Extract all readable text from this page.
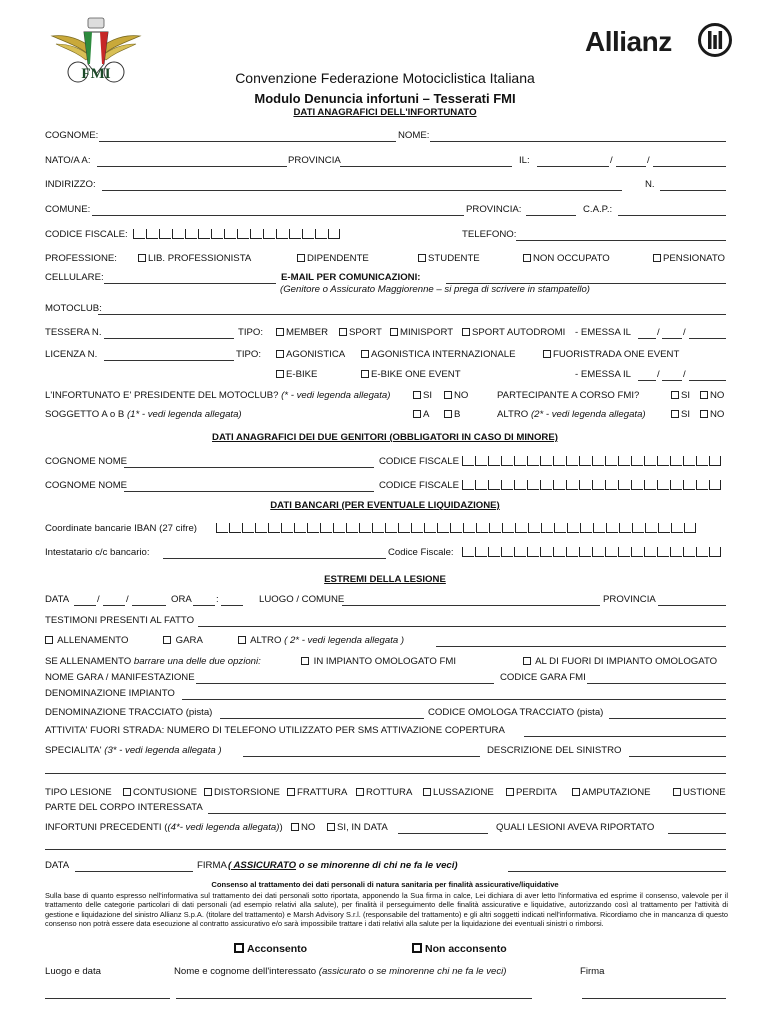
FMI
Allianz
Convenzione Federazione Motociclistica Italiana
Modulo Denuncia infortuni – Tesserati FMI
DATI ANAGRAFICI DELL'INFORTUNATO
COGNOME:	NOME:
NATO/A A:	PROVINCIA	IL:	/	/
INDIRIZZO:	N.
COMUNE:	PROVINCIA:	C.A.P.:
CODICE FISCALE:	TELEFONO:
PROFESSIONE:	LIB. PROFESSIONISTA	DIPENDENTE	STUDENTE	NON OCCUPATO	PENSIONATO
CELLULARE:	E-MAIL PER COMUNICAZIONI:
(Genitore o Assicurato Maggiorenne – si prega di scrivere in stampatello)
MOTOCLUB:
TESSERA N.	TIPO:	MEMBER	SPORT	MINISPORT	SPORT AUTODROMI - EMESSA IL	/ /
LICENZA N.	TIPO:	AGONISTICA	AGONISTICA INTERNAZIONALE	FUORISTRADA ONE EVENT
E-BIKE	E-BIKE ONE EVENT	- EMESSA IL	/ /
L'INFORTUNATO E' PRESIDENTE DEL MOTOCLUB? (* - vedi legenda allegata)	SI	NO	PARTECIPANTE A CORSO FMI?	SI	NO
SOGGETTO A o B (1* - vedi legenda allegata)	A	B	ALTRO (2* - vedi legenda allegata)	SI	NO
DATI ANAGRAFICI DEI DUE GENITORI (OBBLIGATORI IN CASO DI MINORE)
COGNOME NOME	CODICE FISCALE
COGNOME NOME	CODICE FISCALE
DATI BANCARI (PER EVENTUALE LIQUIDAZIONE)
Coordinate bancarie IBAN (27 cifre)
Intestatario c/c bancario:	Codice Fiscale:
ESTREMI DELLA LESIONE
DATA	/	/	ORA	:	LUOGO / COMUNE	PROVINCIA
TESTIMONI PRESENTI AL FATTO
ALLENAMENTO	GARA	ALTRO ( 2* - vedi legenda allegata )
SE ALLENAMENTO barrare una delle due opzioni:	IN IMPIANTO OMOLOGATO FMI	AL DI FUORI DI IMPIANTO OMOLOGATO
NOME GARA / MANIFESTAZIONE	CODICE GARA FMI
DENOMINAZIONE IMPIANTO
DENOMINAZIONE TRACCIATO (pista)	CODICE OMOLOGA TRACCIATO (pista)
ATTIVITA' FUORI STRADA: NUMERO DI TELEFONO UTILIZZATO PER SMS ATTIVAZIONE COPERTURA
SPECIALITA' (3* - vedi legenda allegata )	DESCRIZIONE DEL SINISTRO
TIPO LESIONE	CONTUSIONE	DISTORSIONE	FRATTURA	ROTTURA	LUSSAZIONE	PERDITA	AMPUTAZIONE	USTIONE
PARTE DEL CORPO INTERESSATA
INFORTUNI PRECEDENTI ((4*- vedi legenda allegata))	NO	SI, IN DATA	QUALI LESIONI AVEVA RIPORTATO
DATA	FIRMA ( ASSICURATO o se minorenne di chi ne fa le veci)
Consenso al trattamento dei dati personali di natura sanitaria per finalità assicurative/liquidative
Sulla base di quanto espresso nell'informativa sul trattamento dei dati personali sotto riportata, apponendo la Sua firma in calce, Lei dichiara di aver letto l'informativa ed esprime il consenso, valevole per il trattamento delle categorie particolari di dati personali (ad esempio relativi alla salute), per finalità il perseguimento delle finalità assicurative e liquidative, autorizzando così al trattamento per l'attività di gestione e liquidazione del sinistro Allianz S.p.A. (titolare del trattamento) e Marsh Advisory S.r.l. (responsabile del trattamento) e gli altri soggetti indicati nell'informativa. Ricordiamo che in mancanza di questo consenso non potrà essere data esecuzione al contratto assicurativo e/o sarà impossibile trattare i dati relativi alla salute per la liquidazione dei eventuali sinistri o rimborsi.
Acconsento	Non acconsento
Luogo e data	Nome e cognome dell'interessato (assicurato o se minorenne chi ne fa le veci)	Firma
